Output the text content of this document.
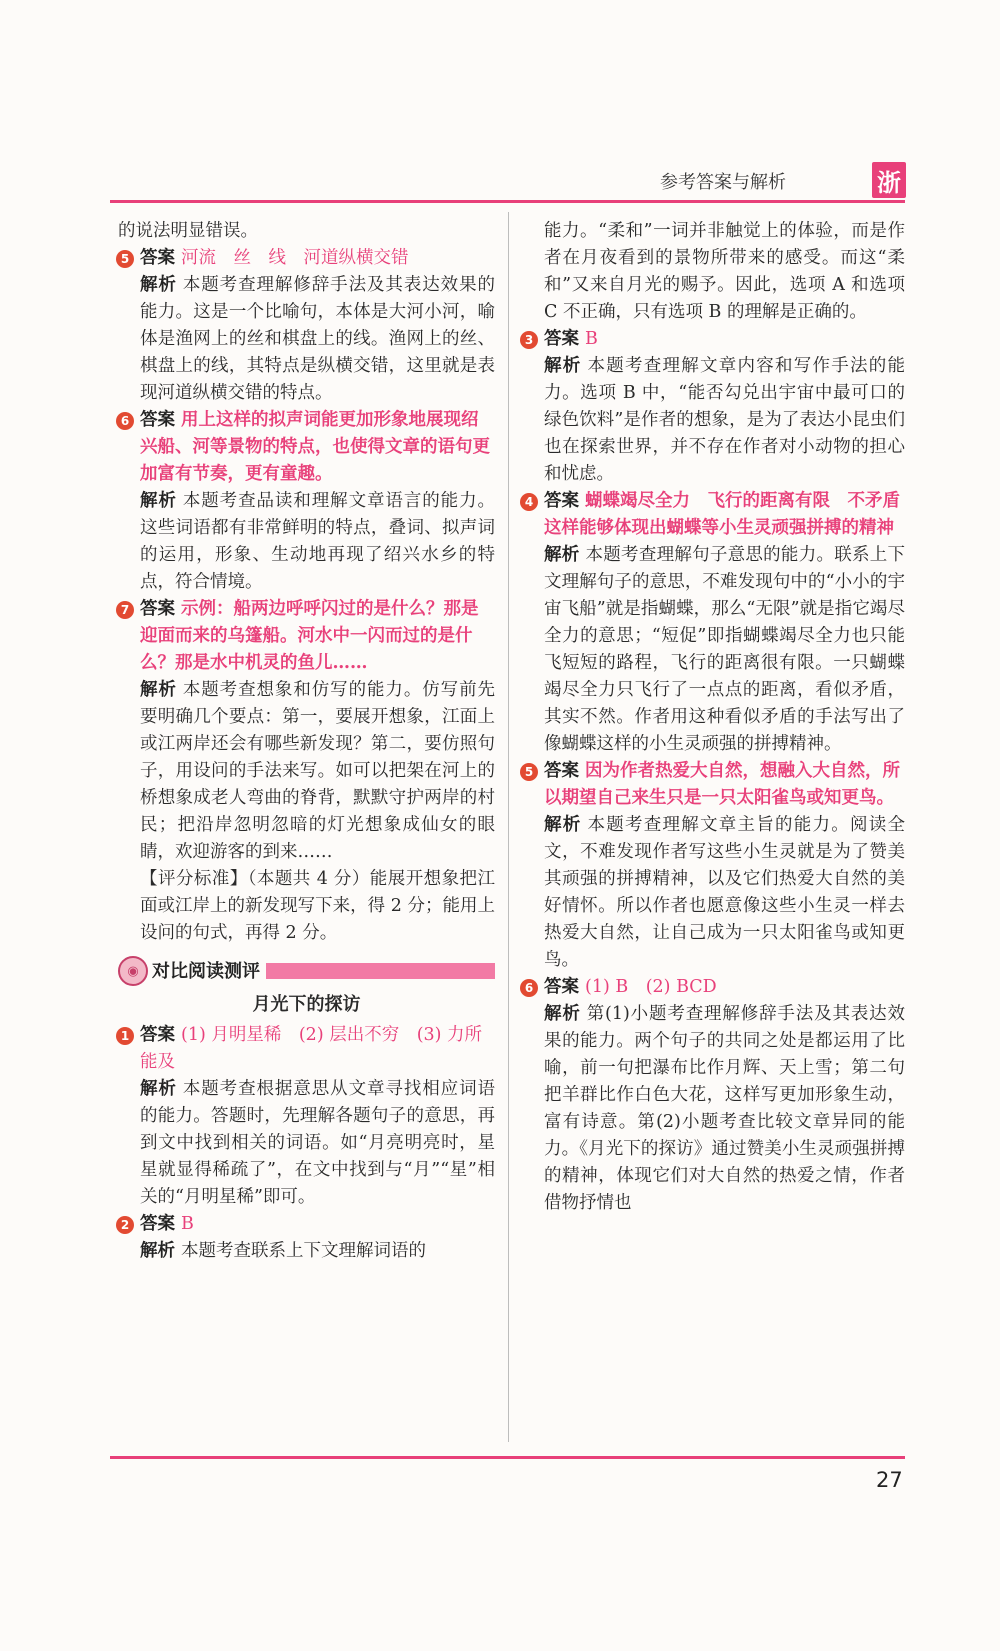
参考答案与解析	浙

的说法明显错误。

5 答案 河流　丝　线　河道纵横交错

解析 本题考查理解修辞手法及其表达效果的能力。这是一个比喻句，本体是大河小河，喻体是渔网上的丝和棋盘上的线。渔网上的丝、棋盘上的线，其特点是纵横交错，这里就是表现河道纵横交错的特点。

6 答案 用上这样的拟声词能更加形象地展现绍兴船、河等景物的特点，也使得文章的语句更加富有节奏，更有童趣。

解析 本题考查品读和理解文章语言的能力。这些词语都有非常鲜明的特点，叠词、拟声词的运用，形象、生动地再现了绍兴水乡的特点，符合情境。

7 答案 示例：船两边呼呼闪过的是什么？那是迎面而来的乌篷船。河水中一闪而过的是什么？那是水中机灵的鱼儿……

解析 本题考查想象和仿写的能力。仿写前先要明确几个要点：第一，要展开想象，江面上或江两岸还会有哪些新发现？第二，要仿照句子，用设问的手法来写。如可以把架在河上的桥想象成老人弯曲的脊背，默默守护两岸的村民；把沿岸忽明忽暗的灯光想象成仙女的眼睛，欢迎游客的到来……

【评分标准】（本题共 4 分）能展开想象把江面或江岸上的新发现写下来，得 2 分；能用上设问的句式，再得 2 分。

◉ 对比阅读测评
月光下的探访
1 答案 (1) 月明星稀　(2) 层出不穷　(3) 力所能及

解析 本题考查根据意思从文章寻找相应词语的能力。答题时，先理解各题句子的意思，再到文中找到相关的词语。如“月亮明亮时，星星就显得稀疏了”，在文中找到与“月”“星”相关的“月明星稀”即可。

2 答案 B

解析 本题考查联系上下文理解词语的

能力。“柔和”一词并非触觉上的体验，而是作者在月夜看到的景物所带来的感受。而这“柔和”又来自月光的赐予。因此，选项 A 和选项 C 不正确，只有选项 B 的理解是正确的。

3 答案 B

解析 本题考查理解文章内容和写作手法的能力。选项 B 中，“能否勾兑出宇宙中最可口的绿色饮料”是作者的想象，是为了表达小昆虫们也在探索世界，并不存在作者对小动物的担心和忧虑。

4 答案 蝴蝶竭尽全力　飞行的距离有限　不矛盾　这样能够体现出蝴蝶等小生灵顽强拼搏的精神

解析 本题考查理解句子意思的能力。联系上下文理解句子的意思，不难发现句中的“小小的宇宙飞船”就是指蝴蝶，那么“无限”就是指它竭尽全力的意思；“短促”即指蝴蝶竭尽全力也只能飞短短的路程，飞行的距离很有限。一只蝴蝶竭尽全力只飞行了一点点的距离，看似矛盾，其实不然。作者用这种看似矛盾的手法写出了像蝴蝶这样的小生灵顽强的拼搏精神。

5 答案 因为作者热爱大自然，想融入大自然，所以期望自己来生只是一只太阳雀鸟或知更鸟。

解析 本题考查理解文章主旨的能力。阅读全文，不难发现作者写这些小生灵就是为了赞美其顽强的拼搏精神，以及它们热爱大自然的美好情怀。所以作者也愿意像这些小生灵一样去热爱大自然，让自己成为一只太阳雀鸟或知更鸟。

6 答案 (1) B　(2) BCD

解析 第(1)小题考查理解修辞手法及其表达效果的能力。两个句子的共同之处是都运用了比喻，前一句把瀑布比作月辉、天上雪；第二句把羊群比作白色大花，这样写更加形象生动，富有诗意。第(2)小题考查比较文章异同的能力。《月光下的探访》通过赞美小生灵顽强拼搏的精神，体现它们对大自然的热爱之情，作者借物抒情也

27
